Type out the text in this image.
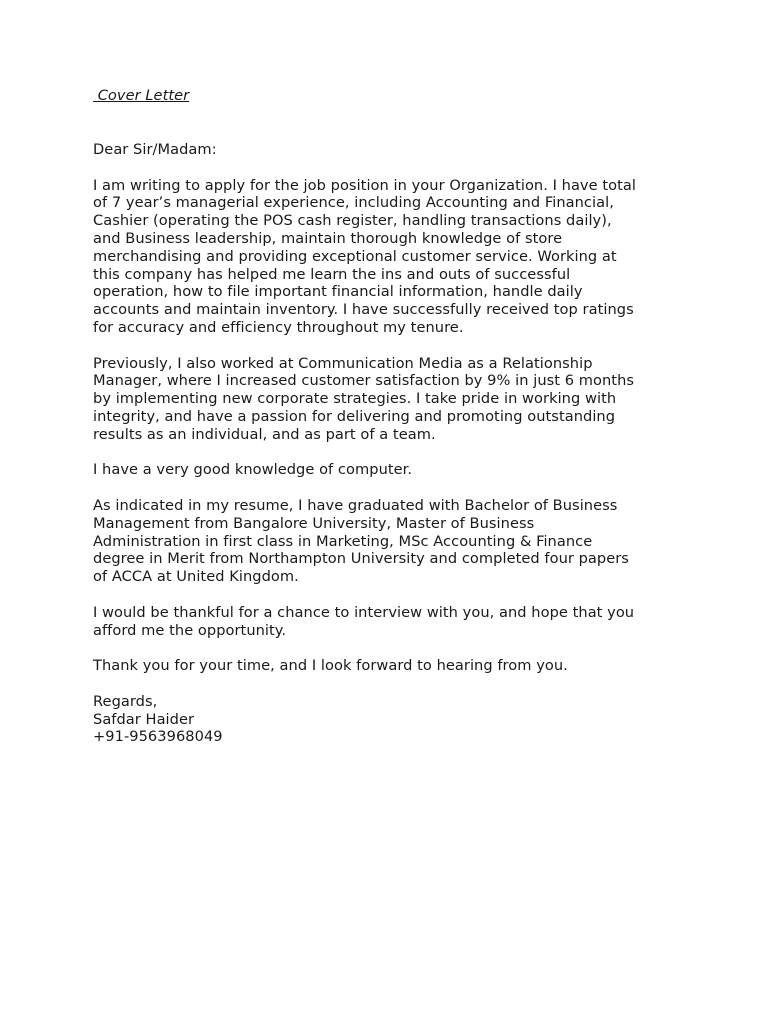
Cover Letter

Dear Sir/Madam:

I am writing to apply for the job position in your Organization. I have total
of 7 year’s managerial experience, including Accounting and Financial,
Cashier (operating the POS cash register, handling transactions daily),
and Business leadership, maintain thorough knowledge of store
merchandising and providing exceptional customer service. Working at
this company has helped me learn the ins and outs of successful
operation, how to file important financial information, handle daily
accounts and maintain inventory. I have successfully received top ratings
for accuracy and efficiency throughout my tenure.

Previously, I also worked at Communication Media as a Relationship
Manager, where I increased customer satisfaction by 9% in just 6 months
by implementing new corporate strategies. I take pride in working with
integrity, and have a passion for delivering and promoting outstanding
results as an individual, and as part of a team.

I have a very good knowledge of computer.

As indicated in my resume, I have graduated with Bachelor of Business
Management from Bangalore University, Master of Business
Administration in first class in Marketing, MSc Accounting & Finance
degree in Merit from Northampton University and completed four papers
of ACCA at United Kingdom.

I would be thankful for a chance to interview with you, and hope that you
afford me the opportunity.

Thank you for your time, and I look forward to hearing from you.

Regards,
Safdar Haider
+91-9563968049
